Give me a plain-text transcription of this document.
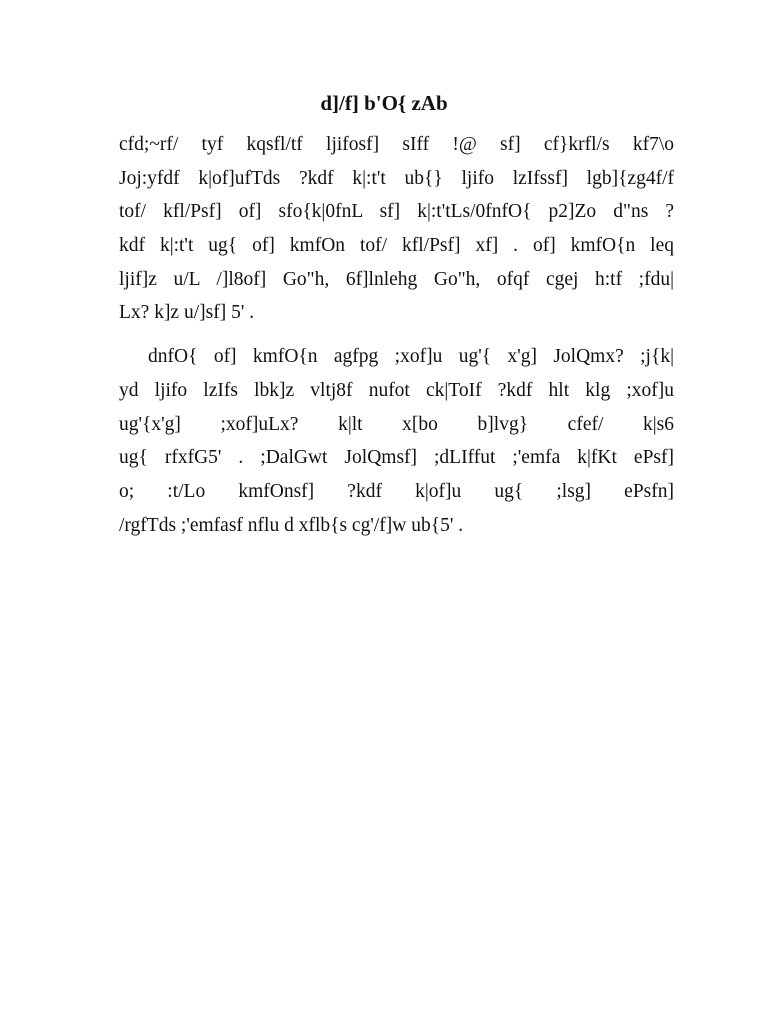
d]/f] b'O{ zAb

cfd;~rf/ tyf kqsfl/tf ljifosf] sIff !@ sf] cf}krfl/s kf7\o
Joj:yfdf k|of]ufTds ?kdf k|:t't ub{} ljifo lzIfssf] lgb]{zg4f/f
tof/ kfl/Psf] of] sfo{k|0fnL sf] k|:t'tLs/0fnfO{ p2]Zo d"ns ?
kdf k|:t't ug{ of] kmfOn tof/ kfl/Psf] xf] . of] kmfO{n leq
ljif]z u/L /]l8of] Go"h, 6f]lnlehg Go"h, ofqf cgej h:tf ;fdu|
Lx? k]z u/]sf] 5' .

dnfO{ of] kmfO{n agfpg ;xof]u ug'{ x'g] JolQmx? ;j{k|
yd ljifo lzIfs lbk]z vltj8f nufot ck|ToIf ?kdf hlt klg ;xof]u
ug'{x'g] ;xof]uLx? k|lt x[bo b]lvg} cfef/ k|s6
ug{ rfxfG5' . ;DalGwt JolQmsf] ;dLIffut ;'emfa k|fKt ePsf]
o; :t/Lo kmfOnsf] ?kdf k|of]u ug{ ;lsg] ePsfn]
/rgfTds ;'emfasf nflu d xflb{s cg'/f]w ub{5' .
